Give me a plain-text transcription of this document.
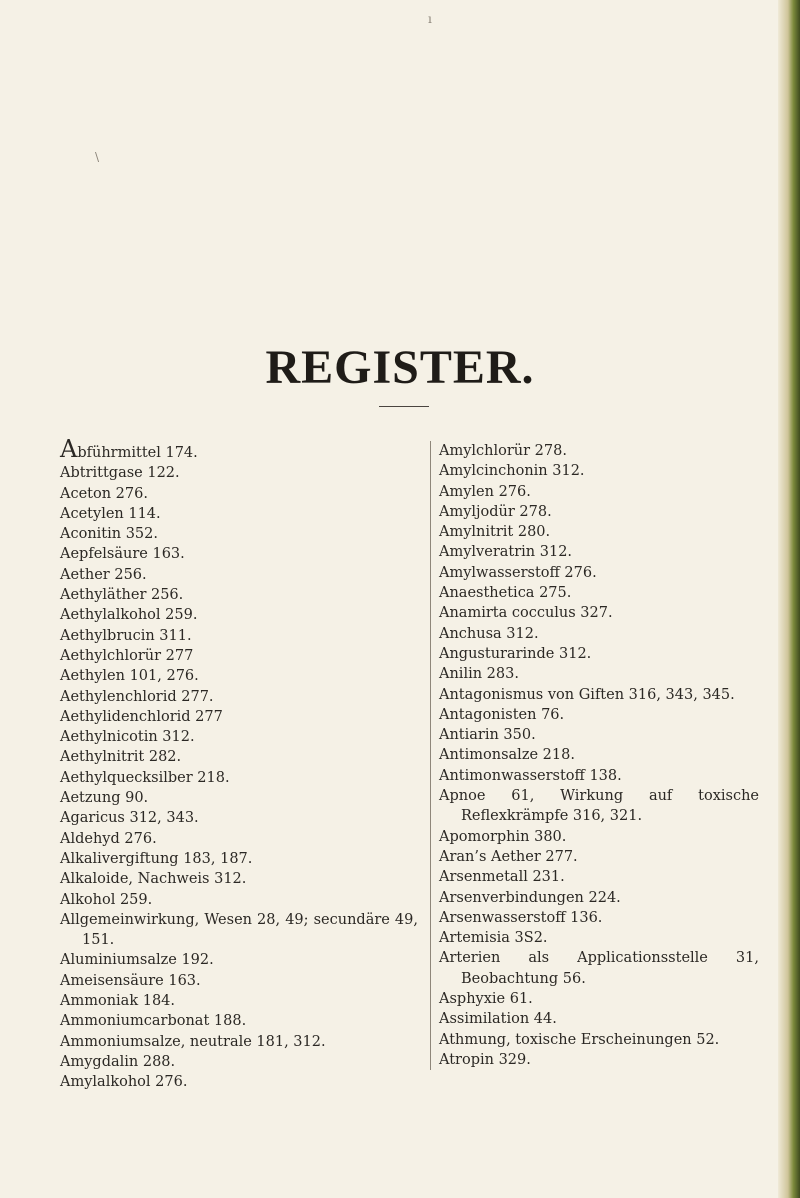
ı
\
REGISTER.
Abführmittel 174.
Abtrittgase 122.
Aceton 276.
Acetylen 114.
Aconitin 352.
Aepfelsäure 163.
Aether 256.
Aethyläther 256.
Aethylalkohol 259.
Aethylbrucin 311.
Aethylchlorür 277
Aethylen 101, 276.
Aethylenchlorid 277.
Aethylidenchlorid 277
Aethylnicotin 312.
Aethylnitrit 282.
Aethylquecksilber 218.
Aetzung 90.
Agaricus 312, 343.
Aldehyd 276.
Alkalivergiftung 183, 187.
Alkaloide, Nachweis 312.
Alkohol 259.
Allgemeinwirkung, Wesen 28, 49; secundäre 49, 151.
Aluminiumsalze 192.
Ameisensäure 163.
Ammoniak 184.
Ammoniumcarbonat 188.
Ammoniumsalze, neutrale 181, 312.
Amygdalin 288.
Amylalkohol 276.
Amylchlorür 278.
Amylcinchonin 312.
Amylen 276.
Amyljodür 278.
Amylnitrit 280.
Amylveratrin 312.
Amylwasserstoff 276.
Anaesthetica 275.
Anamirta cocculus 327.
Anchusa 312.
Angusturarinde 312.
Anilin 283.
Antagonismus von Giften 316, 343, 345.
Antagonisten 76.
Antiarin 350.
Antimonsalze 218.
Antimonwasserstoff 138.
Apnoe 61, Wirkung auf toxische Reflexkrämpfe 316, 321.
Apomorphin 380.
Aran’s Aether 277.
Arsenmetall 231.
Arsenverbindungen 224.
Arsenwasserstoff 136.
Artemisia 3S2.
Arterien als Applicationsstelle 31, Beobachtung 56.
Asphyxie 61.
Assimilation 44.
Athmung, toxische Erscheinungen 52.
Atropin 329.
